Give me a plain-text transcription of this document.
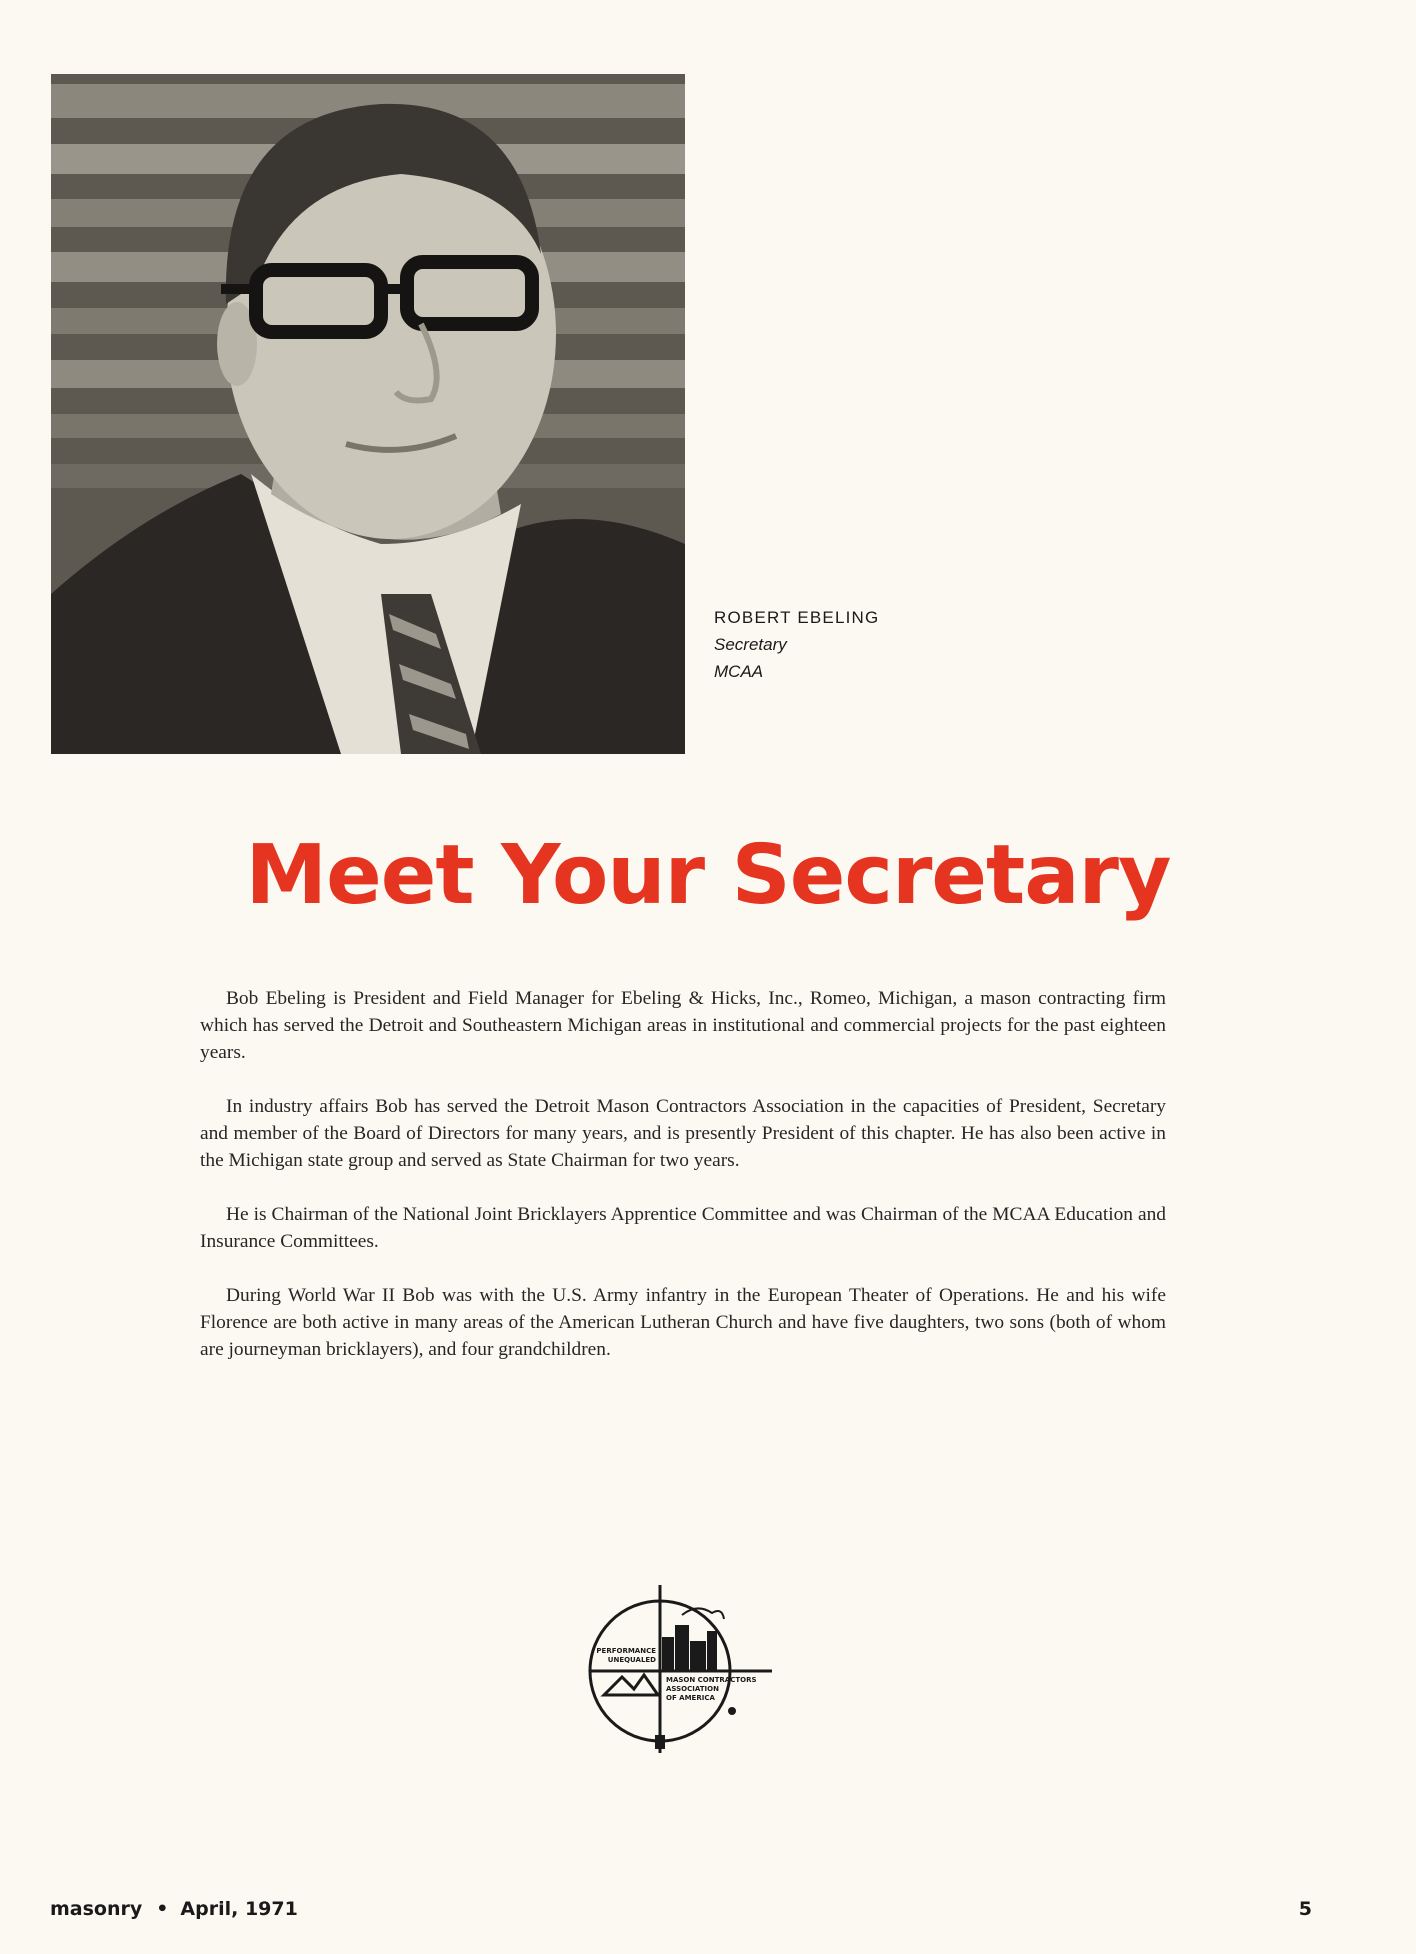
ROBERT EBELING
Secretary
MCAA
Meet Your Secretary

Bob Ebeling is President and Field Manager for Ebeling & Hicks, Inc., Romeo, Michigan, a mason contracting firm which has served the Detroit and Southeastern Michigan areas in institutional and commercial projects for the past eighteen years.

In industry affairs Bob has served the Detroit Mason Contractors Association in the capacities of President, Secretary and member of the Board of Directors for many years, and is presently President of this chapter. He has also been active in the Michigan state group and served as State Chairman for two years.

He is Chairman of the National Joint Bricklayers Apprentice Committee and was Chairman of the MCAA Education and Insurance Committees.

During World War II Bob was with the U.S. Army infantry in the European Theater of Operations. He and his wife Florence are both active in many areas of the American Lutheran Church and have five daughters, two sons (both of whom are journeyman bricklayers), and four grandchildren.

PERFORMANCE
UNEQUALED
MASON CONTRACTORS
ASSOCIATION
OF AMERICA
masonry • April, 1971	5
